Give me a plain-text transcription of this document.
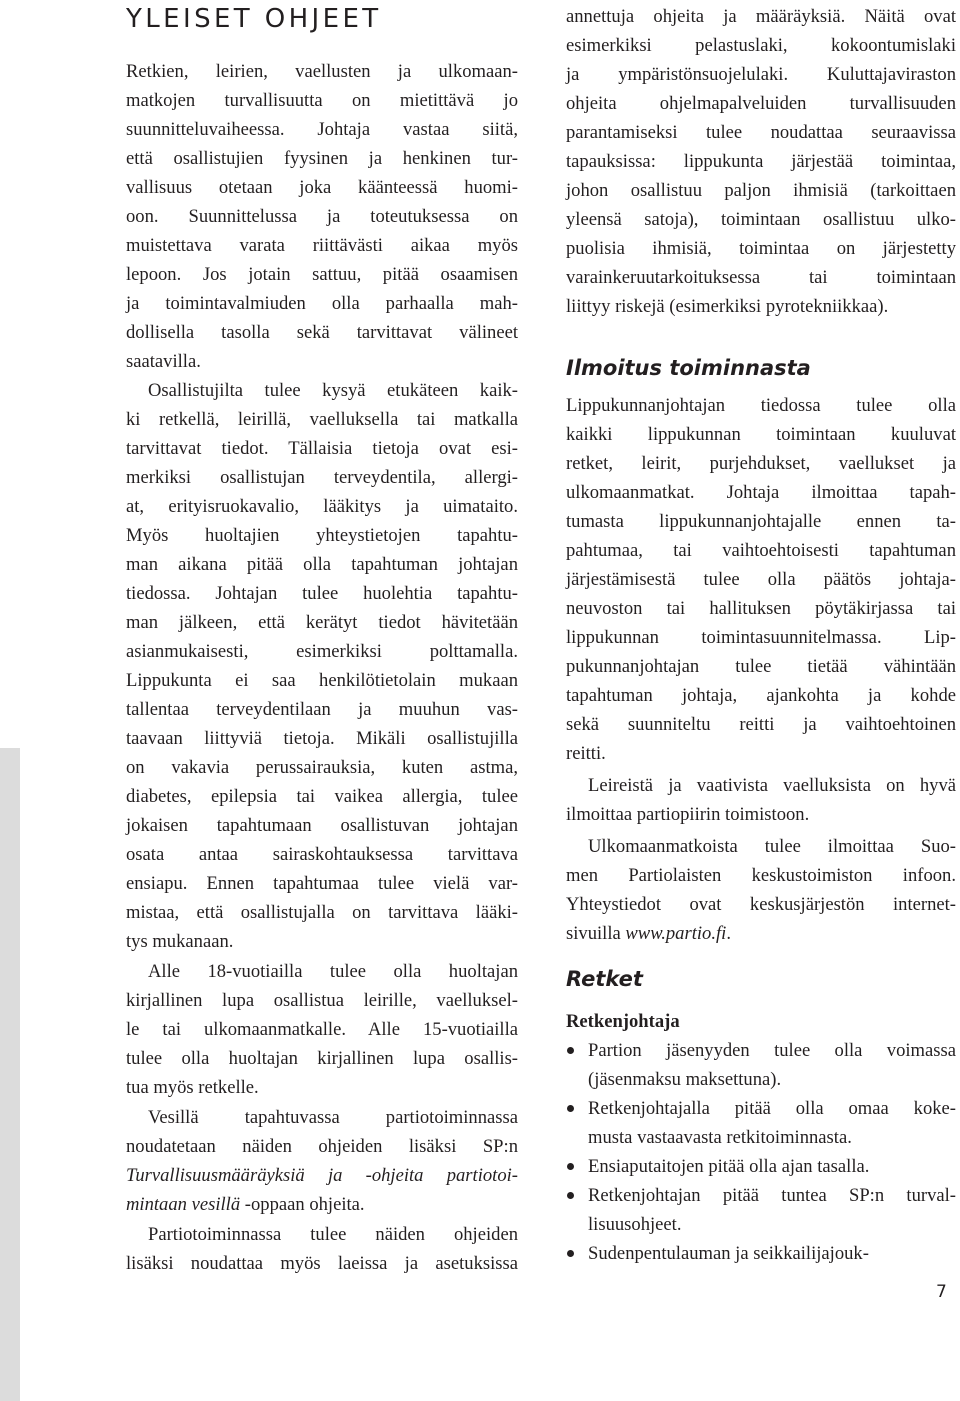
YLEISET OHJEET
Retkien, leirien, vaellusten ja ulkomaan-
matkojen turvallisuutta on mietittävä jo
suunnitteluvaiheessa. Johtaja vastaa siitä,
että osallistujien fyysinen ja henkinen tur-
vallisuus otetaan joka käänteessä huomi-
oon. Suunnittelussa ja toteutuksessa on
muistettava varata riittävästi aikaa myös
lepoon. Jos jotain sattuu, pitää osaamisen
ja toimintavalmiuden olla parhaalla mah-
dollisella tasolla sekä tarvittavat välineet
saatavilla.
Osallistujilta tulee kysyä etukäteen kaik-
ki retkellä, leirillä, vaelluksella tai matkalla
tarvittavat tiedot. Tällaisia tietoja ovat esi-
merkiksi osallistujan terveydentila, allergi-
at, erityisruokavalio, lääkitys ja uimataito.
Myös huoltajien yhteystietojen tapahtu-
man aikana pitää olla tapahtuman johtajan
tiedossa. Johtajan tulee huolehtia tapahtu-
man jälkeen, että kerätyt tiedot hävitetään
asianmukaisesti, esimerkiksi polttamalla.
Lippukunta ei saa henkilötietolain mukaan
tallentaa terveydentilaan ja muuhun vas-
taavaan liittyviä tietoja. Mikäli osallistujilla
on vakavia perussairauksia, kuten astma,
diabetes, epilepsia tai vaikea allergia, tulee
jokaisen tapahtumaan osallistuvan johtajan
osata antaa sairaskohtauksessa tarvittava
ensiapu. Ennen tapahtumaa tulee vielä var-
mistaa, että osallistujalla on tarvittava lääki-
tys mukanaan.
Alle 18-vuotiailla tulee olla huoltajan
kirjallinen lupa osallistua leirille, vaelluksel-
le tai ulkomaanmatkalle. Alle 15-vuotiailla
tulee olla huoltajan kirjallinen lupa osallis-
tua myös retkelle.
Vesillä tapahtuvassa partiotoiminnassa
noudatetaan näiden ohjeiden lisäksi SP:n
Turvallisuusmääräyksiä ja -ohjeita partiotoi-
mintaan vesillä -oppaan ohjeita.
Partiotoiminnassa tulee näiden ohjeiden
lisäksi noudattaa myös laeissa ja asetuksissa
annettuja ohjeita ja määräyksiä. Näitä ovat
esimerkiksi pelastuslaki, kokoontumislaki
ja ympäristönsuojelulaki. Kuluttajaviraston
ohjeita ohjelmapalveluiden turvallisuuden
parantamiseksi tulee noudattaa seuraavissa
tapauksissa: lippukunta järjestää toimintaa,
johon osallistuu paljon ihmisiä (tarkoittaen
yleensä satoja), toimintaan osallistuu ulko-
puolisia ihmisiä, toimintaa on järjestetty
varainkeruutarkoituksessa tai toimintaan
liittyy riskejä (esimerkiksi pyrotekniikkaa).
Ilmoitus toiminnasta
Lippukunnanjohtajan tiedossa tulee olla
kaikki lippukunnan toimintaan kuuluvat
retket, leirit, purjehdukset, vaellukset ja
ulkomaanmatkat. Johtaja ilmoittaa tapah-
tumasta lippukunnanjohtajalle ennen ta-
pahtumaa, tai vaihtoehtoisesti tapahtuman
järjestämisestä tulee olla päätös johtaja-
neuvoston tai hallituksen pöytäkirjassa tai
lippukunnan toimintasuunnitelmassa. Lip-
pukunnanjohtajan tulee tietää vähintään
tapahtuman johtaja, ajankohta ja kohde
sekä suunniteltu reitti ja vaihtoehtoinen
reitti.
Leireistä ja vaativista vaelluksista on hyvä
ilmoittaa partiopiirin toimistoon.
Ulkomaanmatkoista tulee ilmoittaa Suo-
men Partiolaisten keskustoimiston infoon.
Yhteystiedot ovat keskusjärjestön internet-
sivuilla www.partio.fi.
Retket
Retkenjohtaja
Partion jäsenyyden tulee olla voimassa
(jäsenmaksu maksettuna).
Retkenjohtajalla pitää olla omaa koke-
musta vastaavasta retkitoiminnasta.
Ensiaputaitojen pitää olla ajan tasalla.
Retkenjohtajan pitää tuntea SP:n turval-
lisuusohjeet.
Sudenpentulauman ja seikkailijajouk-
7
